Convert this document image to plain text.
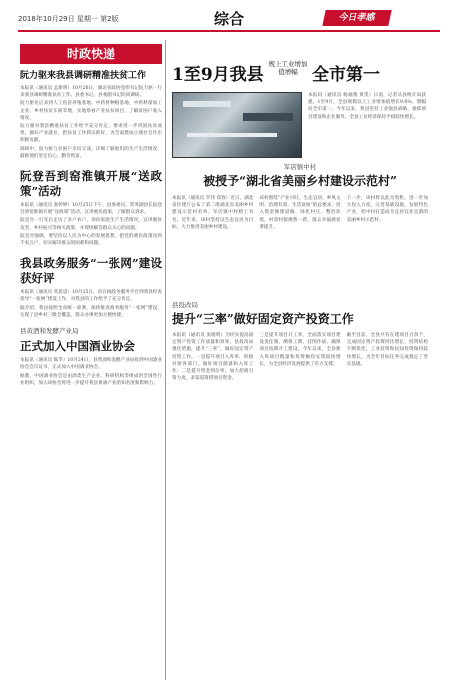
2018年10月29日 星期一 第2版	综合	今日孝感
时政快递
阮力驱来我县调研精准扶贫工作
本报讯（通讯员 孟新明）10月26日，湖北省政协党组书记阮力驱一行来我县调研精准扶贫工作。县委书记、县委副书记陪同调研。
阮力驱先后来到人工鱼苗养殖基地、中药材种植基地、中药材深加工企业、乡村扶贫车间等地，实地察看产业扶贫项目，了解贫困户收入情况。
阮力驱对我县精准扶贫工作给予充分肯定，要求进一步巩固扶贫成果，做好产业就业，把扶贫工作抓实抓好，为全面建成小康社会作出积极贡献。
调研中，阮力驱与贫困户亲切交谈，详细了解他们的生产生活情况，鼓励他们坚定信心，勤劳致富。
阮登吾到窑淮镇开展“送政策”活动
本报讯（通讯员 张婷婷）10月25日下午，县委委员、常务副县长阮登吾到窑淮镇开展“送政策”活动，宣讲惠民政策，了解群众诉求。
阮登吾一行先后走访了多户农户，询问家庭生产生活情况，宣讲脱贫攻坚、乡村振兴等相关政策，并现场解答群众关心的问题。
阮登吾强调，要坚持以人民为中心的发展思想，把党的惠民政策送到千家万户，切实解决群众的困难和问题。
我县政务服务“一张网”建设获好评
本报讯（通讯员 邓思思）10月25日，省在线政务服务平台到我县检查指导“一张网”建设工作，对我县的工作给予了充分肯定。
据介绍，我县按照全省统一部署，加快推进政务服务“一张网”建设，实现了县乡村三级全覆盖，群众办事更加方便快捷。
县黄酒和发酵产业局
正式加入中国酒业协会
本报讯（通讯员 陈华）10月24日，县黄酒和发酵产业局收到中国酒业协会会员证书，正式加入中国酒业协会。
据悉，中国酒业协会是由酒类生产企业、科研机构等组成的全国性行业组织，加入该协会将进一步提升我县黄酒产业的知名度和影响力。
1至9月我县
规上工业增加值增幅 全市第一
本报讯（通讯员 杨福燕 黄雯）日前，记者从县统计局获悉，1至9月，全县规模以上工业增加值增长9.6%，增幅居全市第一。今年以来，我县坚持工业强县战略，狠抓项目建设和企业服务，全县工业经济保持平稳较快增长。
军店镇中村
被授予“湖北省美丽乡村建设示范村”
本报讯（通讯员 罗伟 郑春）近日，湖北省住建厅公布了第二批湖北省美丽乡村建设示范村名单，军店镇中村榜上有名。近年来，该村坚持以生态宜居为目标，大力推进美丽乡村建设。
该村围绕“产业兴旺、生态宜居、乡风文明、治理有效、生活富裕”的总要求，投入资金修建道路、绿化村庄、整治环境，村容村貌焕然一新，群众幸福感显著提升。
下一步，该村将以此为契机，进一步加大投入力度，完善基础设施，发展特色产业，把中村打造成为宜居宜业宜游的美丽乡村示范村。
县投改局
提升“三率”做好固定资产投资工作
本报讯（通讯员 张晓明）为切实提高固定资产投资工作质量和效率，县投改局强化措施，提升“三率”，做好固定资产投资工作。一是提升项目入库率，积极对接各部门，做好项目储备和入库工作；二是提升资金到位率，加大招商引资力度，多渠道筹措项目资金。
三是提升项目开工率，全面落实项目建设责任制，倒排工期，挂图作战，确保项目按期开工建设。今年以来，全县新入库项目数量和投资额均实现较快增长，为全县经济发展提供了有力支撑。
截至目前，全县共有在建项目百余个，完成固定资产投资同比增长，投资结构不断优化，工业投资和民间投资保持较快增长，为全年目标任务完成奠定了坚实基础。
